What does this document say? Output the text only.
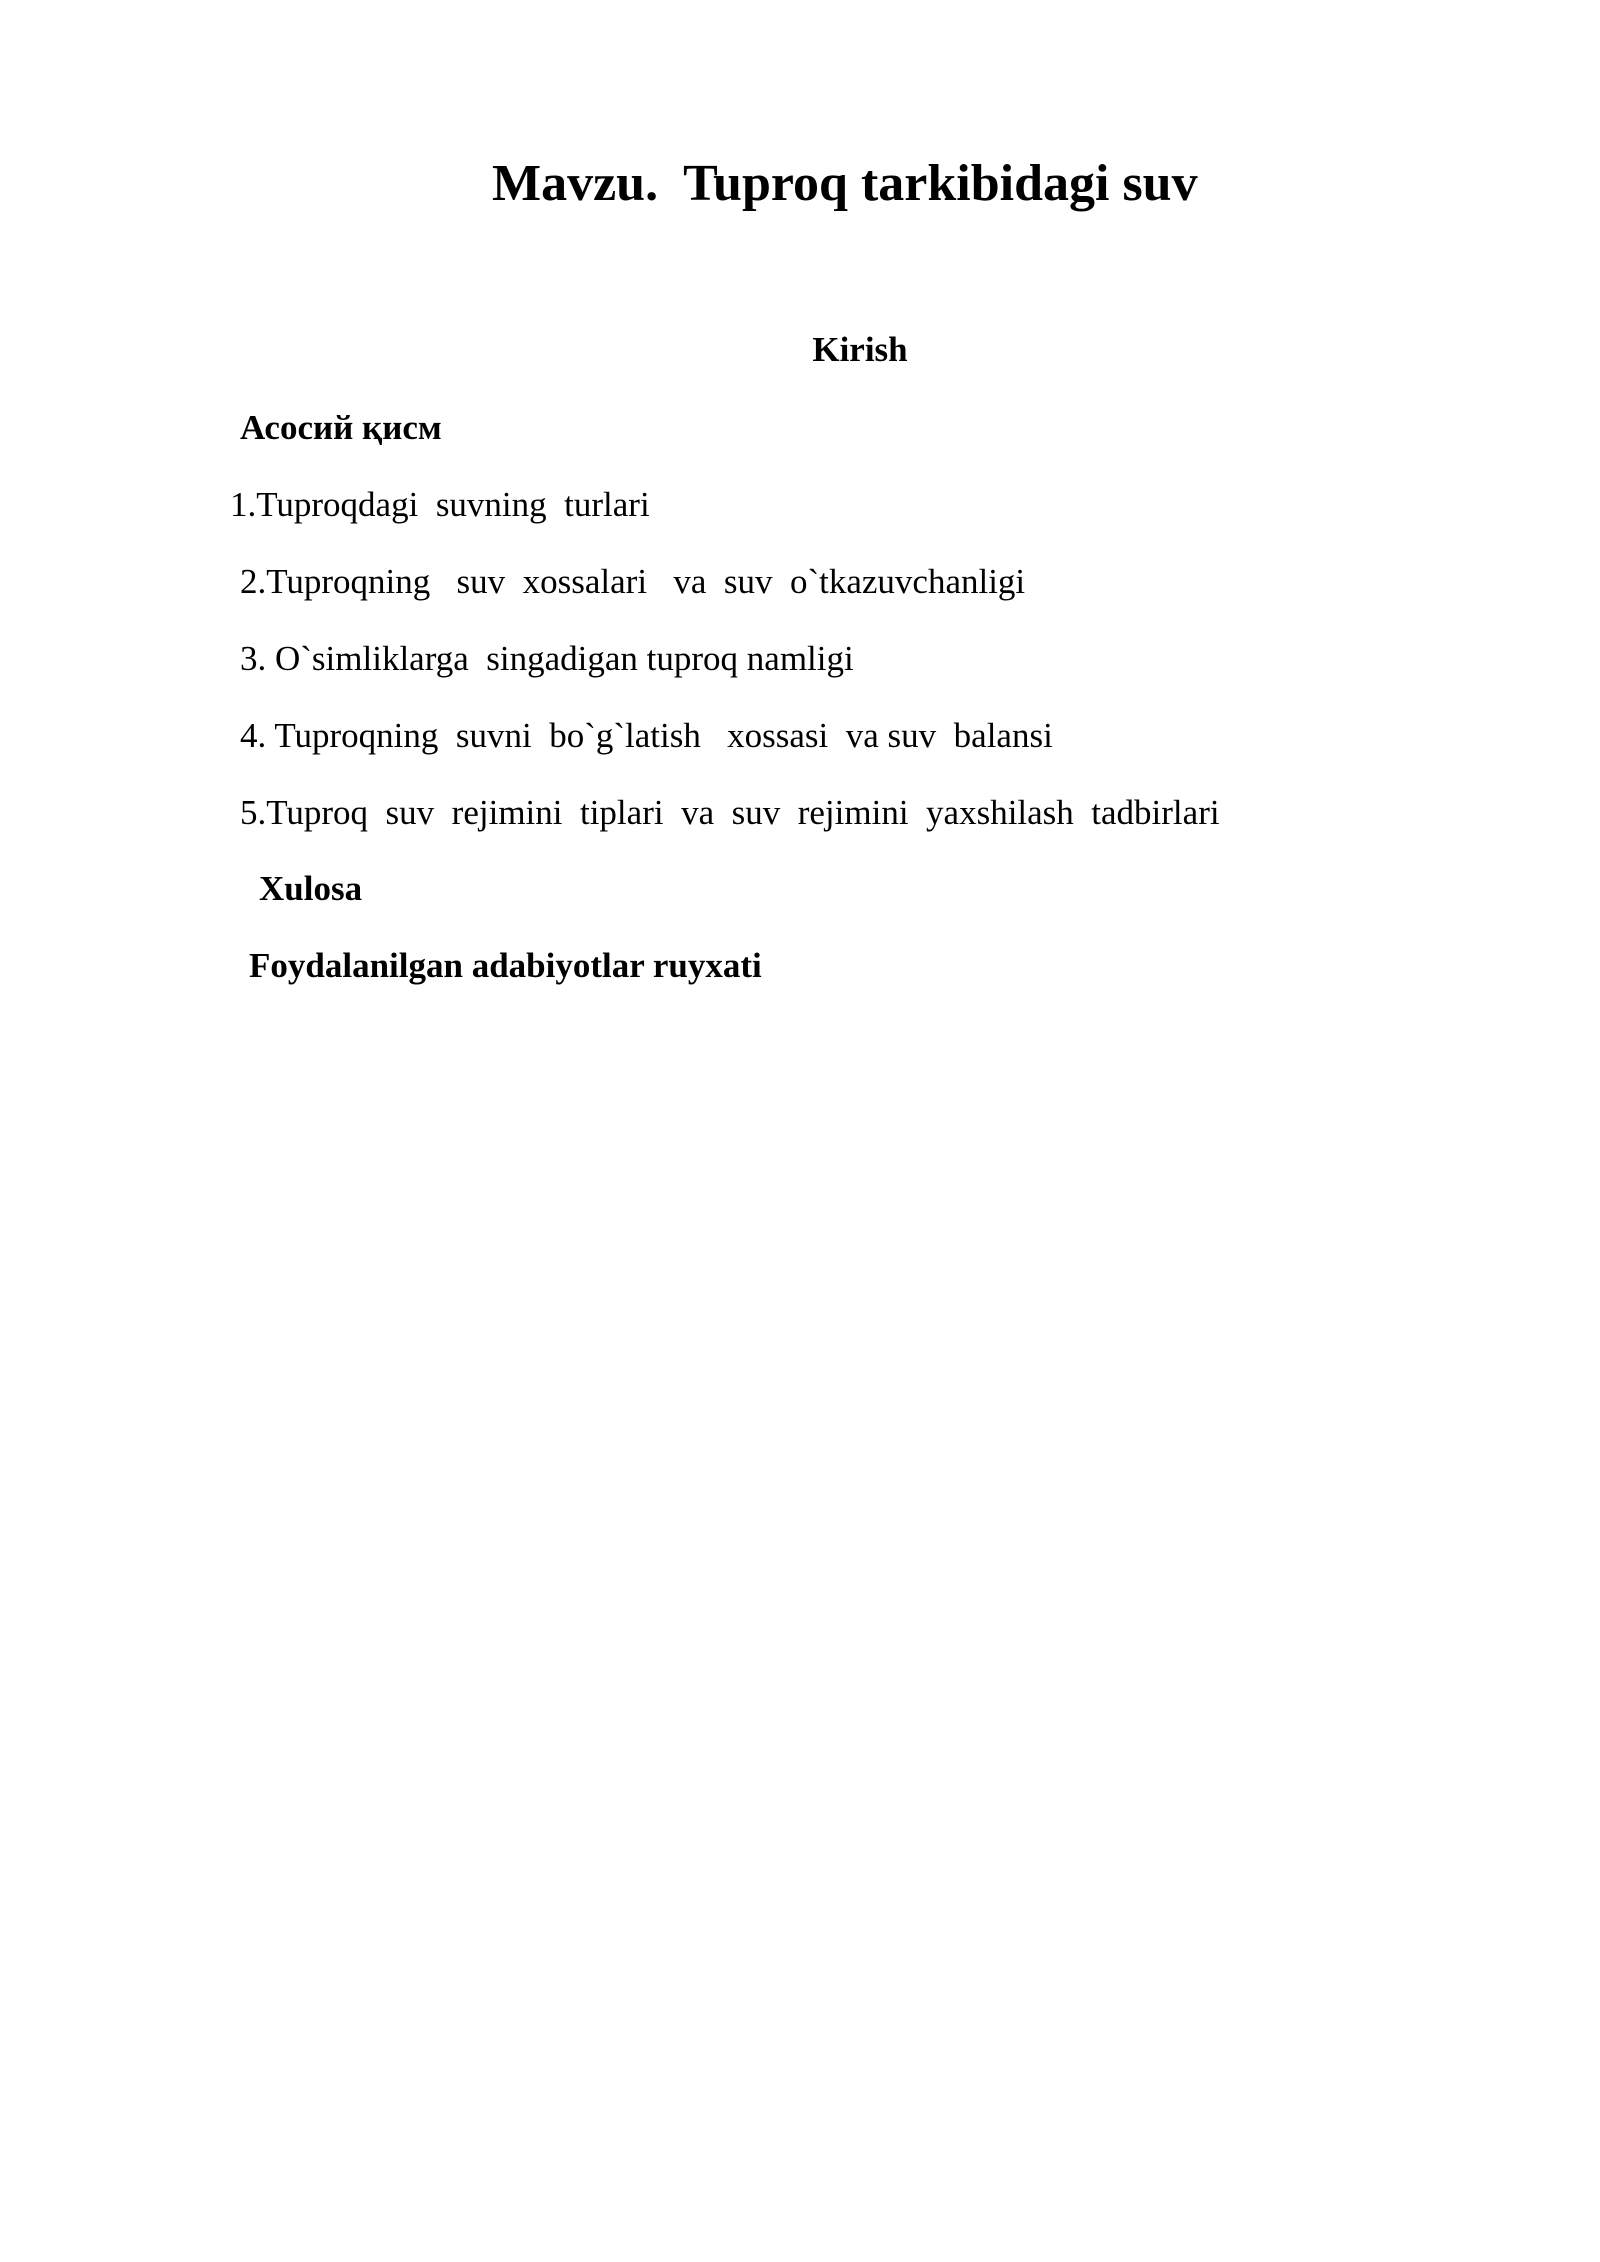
Mavzu.  Tuproq tarkibidagi suv
Kirish
Асосий қисм
1.Tuproqdagi  suvning  turlari
2.Tuproqning   suv  xossalari   va  suv  o`tkazuvchanligi
3. O`simliklarga  singadigan tuproq namligi
4. Tuproqning  suvni  bo`g`latish   xossasi  va suv  balansi
5.Tuproq  suv  rejimini  tiplari  va  suv  rejimini  yaxshilash  tadbirlari
Xulosa
Foydalanilgan adabiyotlar ruyxati
